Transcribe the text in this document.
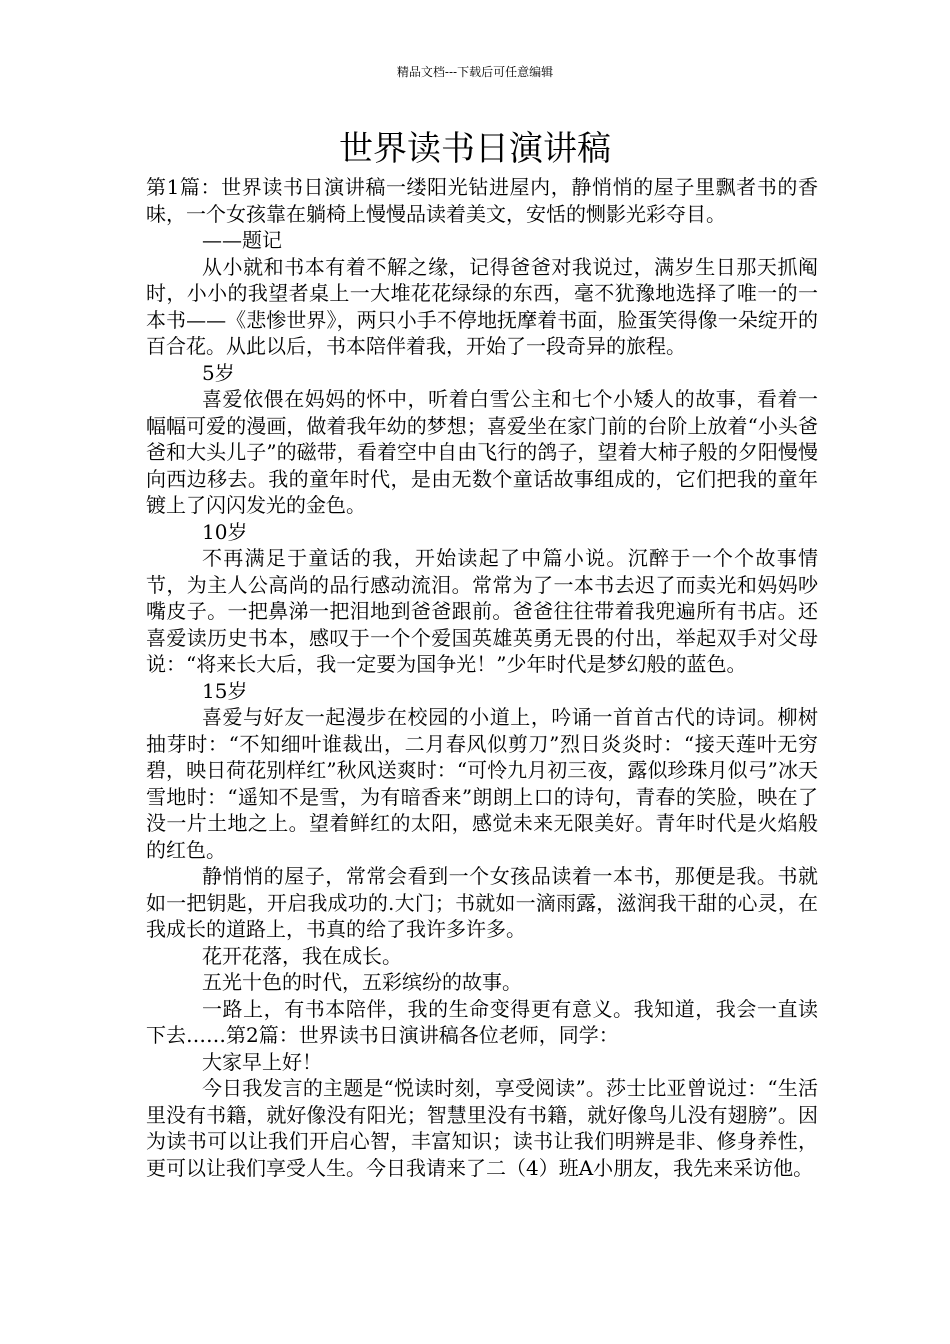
精品文档---下载后可任意编辑
世界读书日演讲稿

第1篇：世界读书日演讲稿一缕阳光钻进屋内，静悄悄的屋子里飘者书的香味，一个女孩靠在躺椅上慢慢品读着美文，安恬的恻影光彩夺目。

——题记

从小就和书本有着不解之缘，记得爸爸对我说过，满岁生日那天抓阄时，小小的我望者桌上一大堆花花绿绿的东西，毫不犹豫地选择了唯一的一本书——《悲惨世界》，两只小手不停地抚摩着书面，脸蛋笑得像一朵绽开的百合花。从此以后，书本陪伴着我，开始了一段奇异的旅程。

5岁

喜爱依偎在妈妈的怀中，听着白雪公主和七个小矮人的故事，看着一幅幅可爱的漫画，做着我年幼的梦想；喜爱坐在家门前的台阶上放着“小头爸爸和大头儿子”的磁带，看着空中自由飞行的鸽子，望着大柿子般的夕阳慢慢向西边移去。我的童年时代，是由无数个童话故事组成的，它们把我的童年镀上了闪闪发光的金色。

10岁

不再满足于童话的我，开始读起了中篇小说。沉醉于一个个故事情节，为主人公高尚的品行感动流泪。常常为了一本书去迟了而卖光和妈妈吵嘴皮子。一把鼻涕一把泪地到爸爸跟前。爸爸往往带着我兜遍所有书店。还喜爱读历史书本，感叹于一个个爱国英雄英勇无畏的付出，举起双手对父母说：“将来长大后，我一定要为国争光！”少年时代是梦幻般的蓝色。

15岁

喜爱与好友一起漫步在校园的小道上，吟诵一首首古代的诗词。柳树抽芽时：“不知细叶谁裁出，二月春风似剪刀”烈日炎炎时：“接天莲叶无穷碧，映日荷花别样红”秋风送爽时：“可怜九月初三夜，露似珍珠月似弓”冰天雪地时：“遥知不是雪，为有暗香来”朗朗上口的诗句，青春的笑脸，映在了没一片土地之上。望着鲜红的太阳，感觉未来无限美好。青年时代是火焰般的红色。

静悄悄的屋子，常常会看到一个女孩品读着一本书，那便是我。书就如一把钥匙，开启我成功的.大门；书就如一滴雨露，滋润我干甜的心灵，在我成长的道路上，书真的给了我许多许多。

花开花落，我在成长。

五光十色的时代，五彩缤纷的故事。

一路上，有书本陪伴，我的生命变得更有意义。我知道，我会一直读下去……第2篇：世界读书日演讲稿各位老师，同学：

大家早上好！

今日我发言的主题是“悦读时刻，享受阅读”。莎士比亚曾说过：“生活里没有书籍，就好像没有阳光；智慧里没有书籍，就好像鸟儿没有翅膀”。因为读书可以让我们开启心智，丰富知识；读书让我们明辨是非、修身养性，更可以让我们享受人生。今日我请来了二（4）班A小朋友，我先来采访他。
